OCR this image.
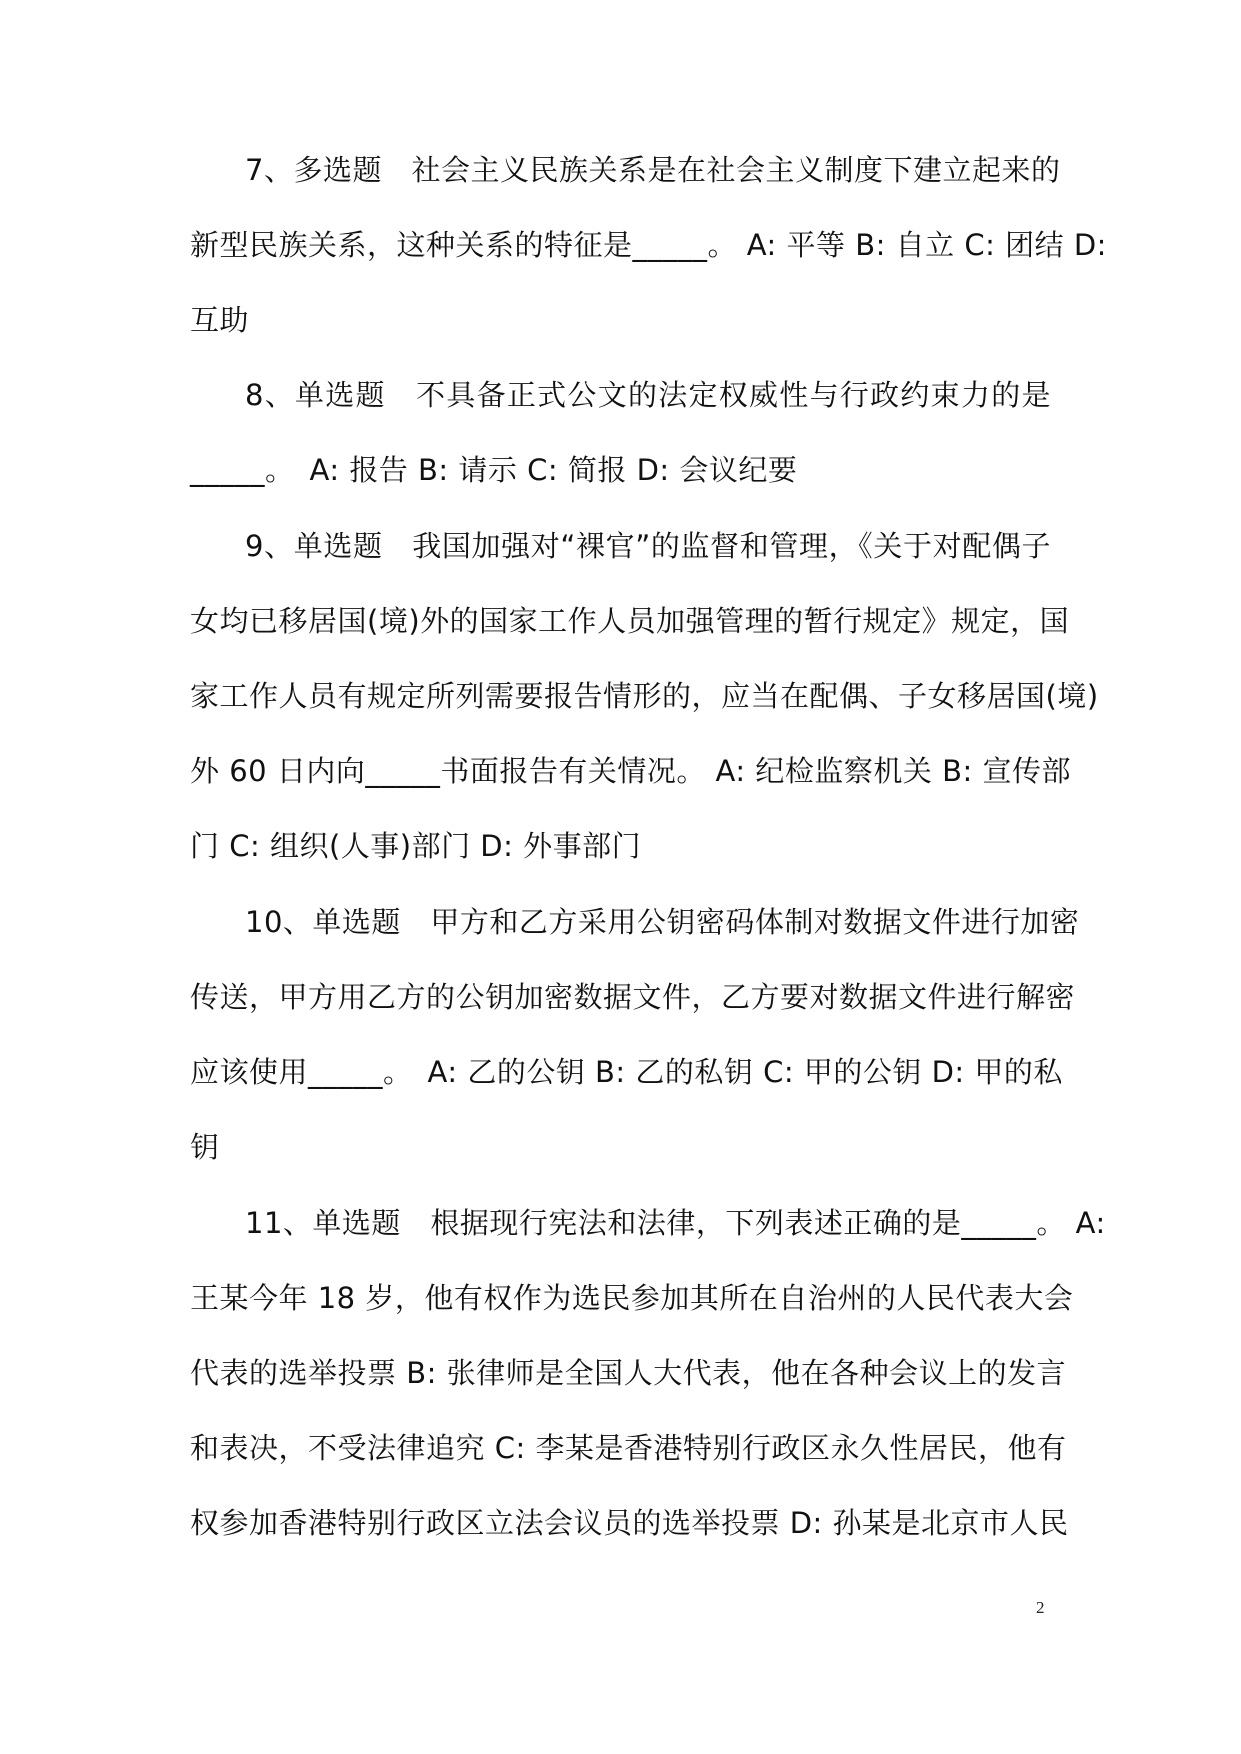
7、多选题　社会主义民族关系是在社会主义制度下建立起来的
新型民族关系，这种关系的特征是_____。 A: 平等 B: 自立 C: 团结 D:
互助
8、单选题　不具备正式公文的法定权威性与行政约束力的是
_____。　A: 报告 B: 请示 C: 简报 D: 会议纪要
9、单选题　我国加强对“裸官”的监督和管理，《关于对配偶子
女均已移居国(境)外的国家工作人员加强管理的暂行规定》规定，国
家工作人员有规定所列需要报告情形的，应当在配偶、子女移居国(境)
外 60 日内向_____书面报告有关情况。 A: 纪检监察机关 B: 宣传部
门 C: 组织(人事)部门 D: 外事部门
10、单选题　甲方和乙方采用公钥密码体制对数据文件进行加密
传送，甲方用乙方的公钥加密数据文件，乙方要对数据文件进行解密
应该使用_____。　A: 乙的公钥 B: 乙的私钥 C: 甲的公钥 D: 甲的私
钥
11、单选题　根据现行宪法和法律，下列表述正确的是_____。 A:
王某今年 18 岁，他有权作为选民参加其所在自治州的人民代表大会
代表的选举投票 B: 张律师是全国人大代表，他在各种会议上的发言
和表决，不受法律追究 C: 李某是香港特别行政区永久性居民，他有
权参加香港特别行政区立法会议员的选举投票 D: 孙某是北京市人民
2
